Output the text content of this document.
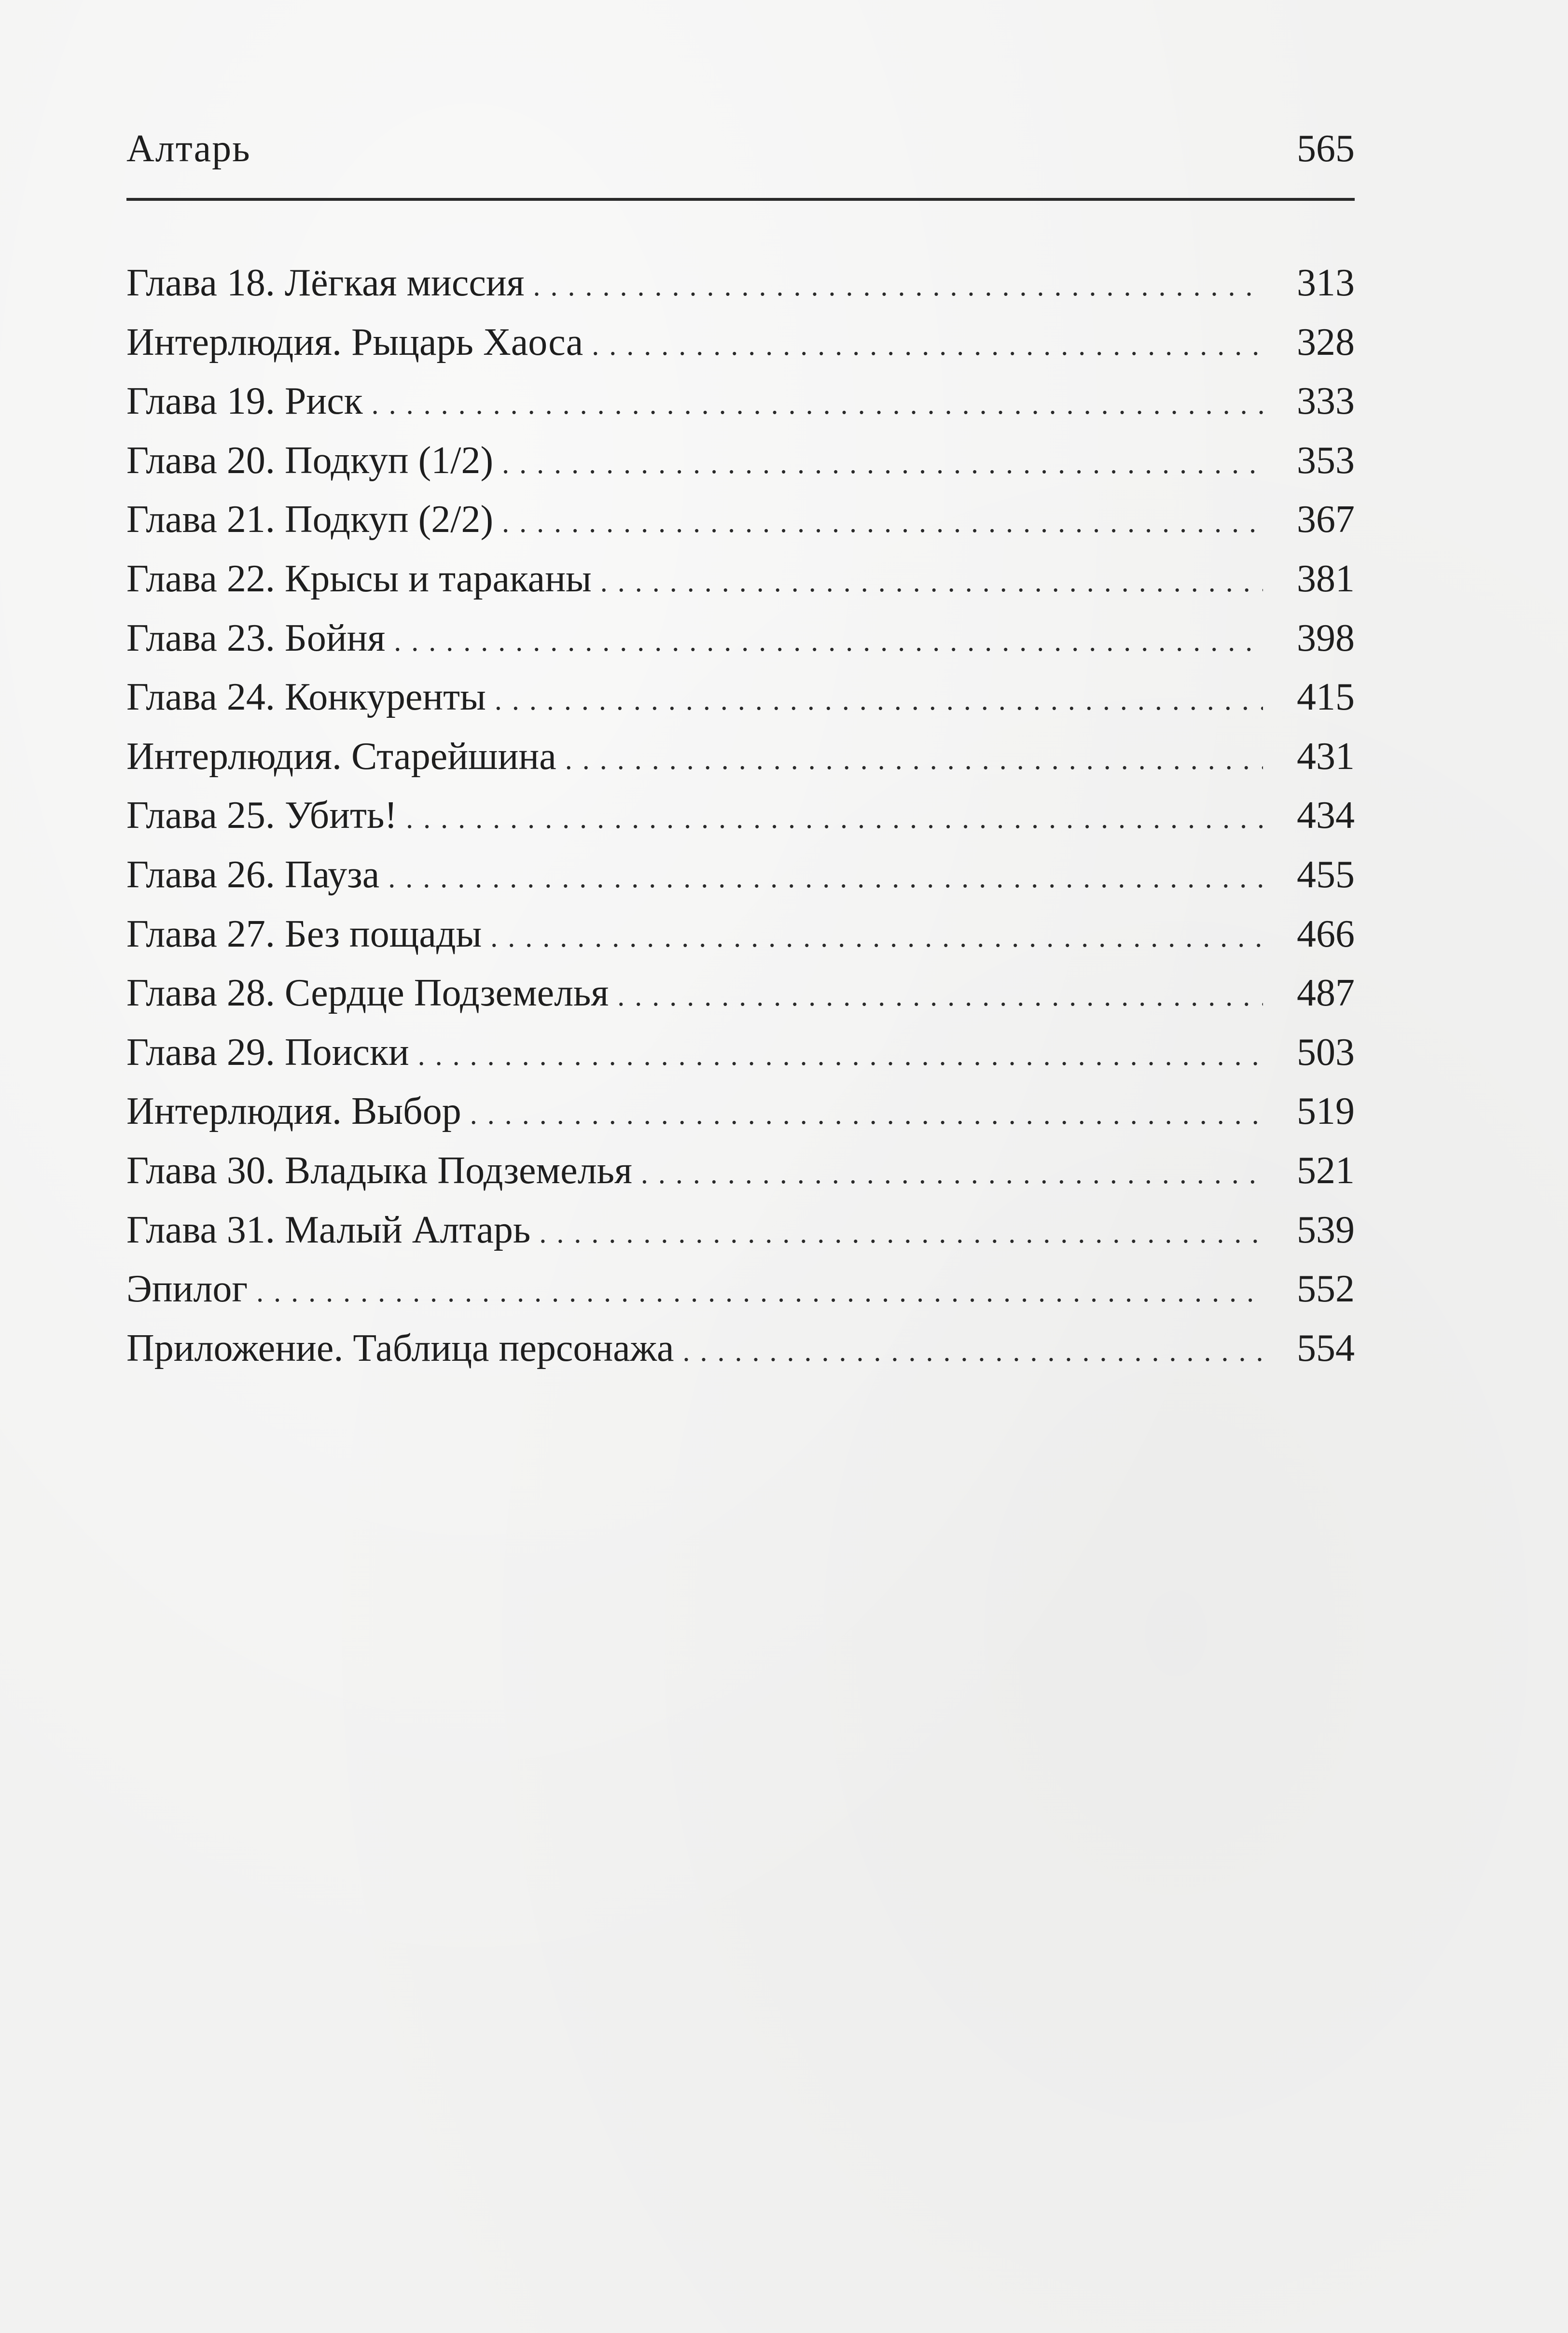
Алтарь	565
Глава 18. Лёгкая миссия . . .	313
Интерлюдия. Рыцарь Хаоса . . .	328
Глава 19. Риск . . .	333
Глава 20. Подкуп (1/2) . . .	353
Глава 21. Подкуп (2/2) . . .	367
Глава 22. Крысы и тараканы . . .	381
Глава 23. Бойня . . .	398
Глава 24. Конкуренты . . .	415
Интерлюдия. Старейшина . . .	431
Глава 25. Убить! . . .	434
Глава 26. Пауза . . .	455
Глава 27. Без пощады . . .	466
Глава 28. Сердце Подземелья . . .	487
Глава 29. Поиски . . .	503
Интерлюдия. Выбор . . .	519
Глава 30. Владыка Подземелья . . .	521
Глава 31. Малый Алтарь . . .	539
Эпилог . . .	552
Приложение. Таблица персонажа . . .	554
